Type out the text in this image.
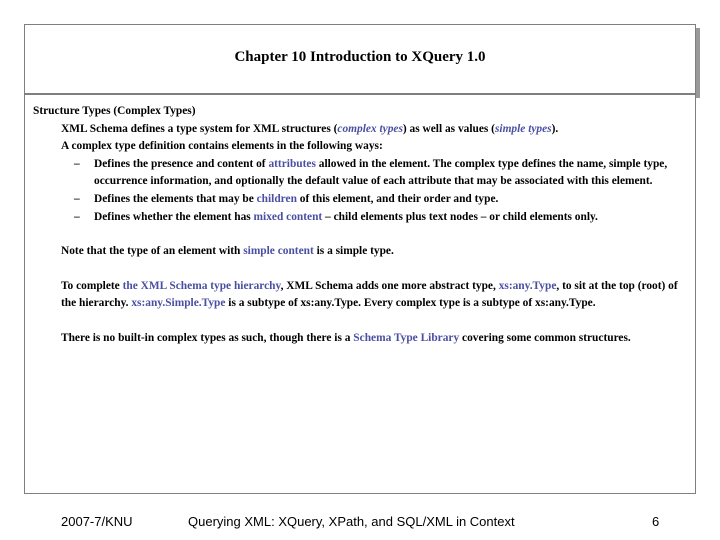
Chapter 10 Introduction to XQuery 1.0
Structure Types (Complex Types)
XML Schema defines a type system for XML structures (complex types) as well as values (simple types).
A complex type definition contains elements in the following ways:
– Defines the presence and content of attributes allowed in the element. The complex type defines the name, simple type, occurrence information, and optionally the default value of each attribute that may be associated with this element.
– Defines the elements that may be children of this element, and their order and type.
– Defines whether the element has mixed content – child elements plus text nodes – or child elements only.
Note that the type of an element with simple content is a simple type.
To complete the XML Schema type hierarchy, XML Schema adds one more abstract type, xs:any.Type, to sit at the top (root) of the hierarchy. xs:any.Simple.Type is a subtype of xs:any.Type. Every complex type is a subtype of xs:any.Type.
There is no built-in complex types as such, though there is a Schema Type Library covering some common structures.
2007-7/KNU	Querying XML: XQuery, XPath, and SQL/XML in Context	6
